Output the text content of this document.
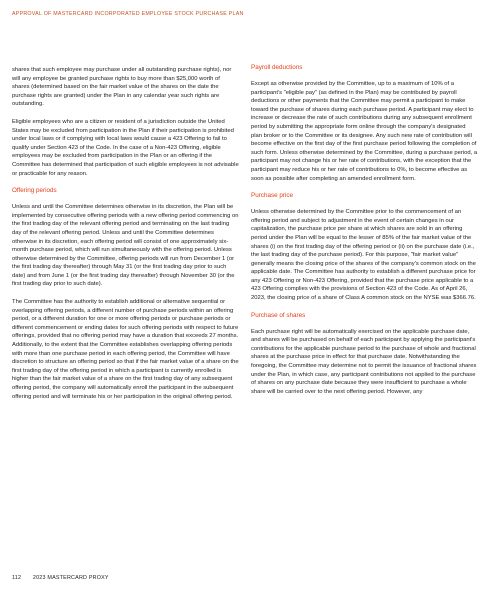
APPROVAL OF MASTERCARD INCORPORATED EMPLOYEE STOCK PURCHASE PLAN

shares that such employee may purchase under all outstanding purchase rights), nor will any employee be granted purchase rights to buy more than $25,000 worth of shares (determined based on the fair market value of the shares on the date the purchase rights are granted) under the Plan in any calendar year such rights are outstanding.

Eligible employees who are a citizen or resident of a jurisdiction outside the United States may be excluded from participation in the Plan if their participation is prohibited under local laws or if complying with local laws would cause a 423 Offering to fail to qualify under Section 423 of the Code. In the case of a Non-423 Offering, eligible employees may be excluded from participation in the Plan or an offering if the Committee has determined that participation of such eligible employees is not advisable or practicable for any reason.

Offering periods

Unless and until the Committee determines otherwise in its discretion, the Plan will be implemented by consecutive offering periods with a new offering period commencing on the first trading day of the relevant offering period and terminating on the last trading day of the relevant offering period. Unless and until the Committee determines otherwise in its discretion, each offering period will consist of one approximately six-month purchase period, which will run simultaneously with the offering period. Unless otherwise determined by the Committee, offering periods will run from December 1 (or the first trading day thereafter) through May 31 (or the first trading day prior to such date) and from June 1 (or the first trading day thereafter) through November 30 (or the first trading day prior to such date).

The Committee has the authority to establish additional or alternative sequential or overlapping offering periods, a different number of purchase periods within an offering period, or a different duration for one or more offering periods or purchase periods or different commencement or ending dates for such offering periods with respect to future offerings, provided that no offering period may have a duration that exceeds 27 months. Additionally, to the extent that the Committee establishes overlapping offering periods with more than one purchase period in each offering period, the Committee will have discretion to structure an offering period so that if the fair market value of a share on the first trading day of the offering period in which a participant is currently enrolled is higher than the fair market value of a share on the first trading day of any subsequent offering period, the company will automatically enroll the participant in the subsequent offering period and will terminate his or her participation in the original offering period.

Payroll deductions

Except as otherwise provided by the Committee, up to a maximum of 10% of a participant's "eligible pay" (as defined in the Plan) may be contributed by payroll deductions or other payments that the Committee may permit a participant to make toward the purchase of shares during each purchase period. A participant may elect to increase or decrease the rate of such contributions during any subsequent enrollment period by submitting the appropriate form online through the company's designated plan broker or to the Committee or its designee. Any such new rate of contribution will become effective on the first day of the first purchase period following the completion of such form. Unless otherwise determined by the Committee, during a purchase period, a participant may not change his or her rate of contributions, with the exception that the participant may reduce his or her rate of contributions to 0%, to become effective as soon as possible after completing an amended enrollment form.

Purchase price

Unless otherwise determined by the Committee prior to the commencement of an offering period and subject to adjustment in the event of certain changes in our capitalization, the purchase price per share at which shares are sold in an offering period under the Plan will be equal to the lesser of 85% of the fair market value of the shares (i) on the first trading day of the offering period or (ii) on the purchase date (i.e., the last trading day of the purchase period). For this purpose, "fair market value" generally means the closing price of the shares of the company's common stock on the applicable date. The Committee has authority to establish a different purchase price for any 423 Offering or Non-423 Offering, provided that the purchase price applicable to a 423 Offering complies with the provisions of Section 423 of the Code. As of April 26, 2023, the closing price of a share of Class A common stock on the NYSE was $366.76.

Purchase of shares

Each purchase right will be automatically exercised on the applicable purchase date, and shares will be purchased on behalf of each participant by applying the participant's contributions for the applicable purchase period to the purchase of whole and fractional shares at the purchase price in effect for that purchase date. Notwithstanding the foregoing, the Committee may determine not to permit the issuance of fractional shares under the Plan, in which case, any participant contributions not applied to the purchase of shares on any purchase date because they were insufficient to purchase a whole share will be carried over to the next offering period. However, any

112 2023 MASTERCARD PROXY
